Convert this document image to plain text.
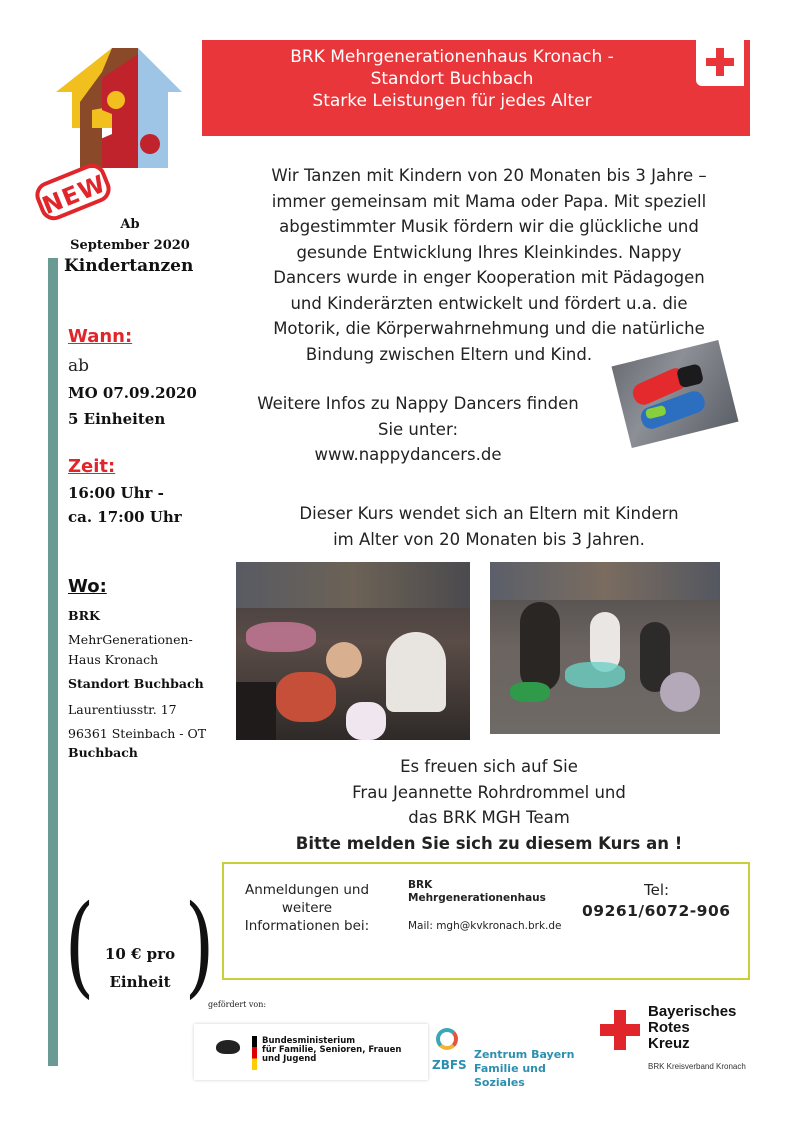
NEW
BRK Mehrgenerationenhaus Kronach -
Standort Buchbach
Starke Leistungen für jedes Alter
Ab
September 2020
Kindertanzen
Wann:
ab
MO 07.09.2020
5 Einheiten
Zeit:
16:00 Uhr -
ca. 17:00 Uhr
Wo:
BRK
MehrGenerationen-
Haus Kronach
Standort Buchbach
Laurentiusstr. 17
96361 Steinbach - OT
Buchbach
Wir Tanzen mit Kindern von 20 Monaten bis 3 Jahre –
immer gemeinsam mit Mama oder Papa. Mit speziell
abgestimmter Musik fördern wir die glückliche und
gesunde Entwicklung Ihres Kleinkindes. Nappy
Dancers wurde in enger Kooperation mit Pädagogen
und Kinderärzten entwickelt und fördert u.a. die
Motorik, die Körperwahrnehmung und die natürliche
Bindung zwischen Eltern und Kind.
Weitere Infos zu Nappy Dancers finden
Sie unter:
www.nappydancers.de
Dieser Kurs wendet sich an Eltern mit Kindern
im Alter von 20 Monaten bis 3 Jahren.
Es freuen sich auf Sie
Frau Jeannette Rohrdrommel und
das BRK MGH Team
Bitte melden Sie sich zu diesem Kurs an !
Anmeldungen und
weitere
Informationen bei:
BRK
Mehrgenerationenhaus
Mail: mgh@kvkronach.brk.de
Tel:
09261/6072-906
( )
10 € pro
Einheit
gefördert von:
Bundesministerium
für Familie, Senioren, Frauen
und Jugend	ZBFS
Zentrum Bayern
Familie und Soziales
Bayerisches
Rotes
Kreuz
BRK Kreisverband Kronach
